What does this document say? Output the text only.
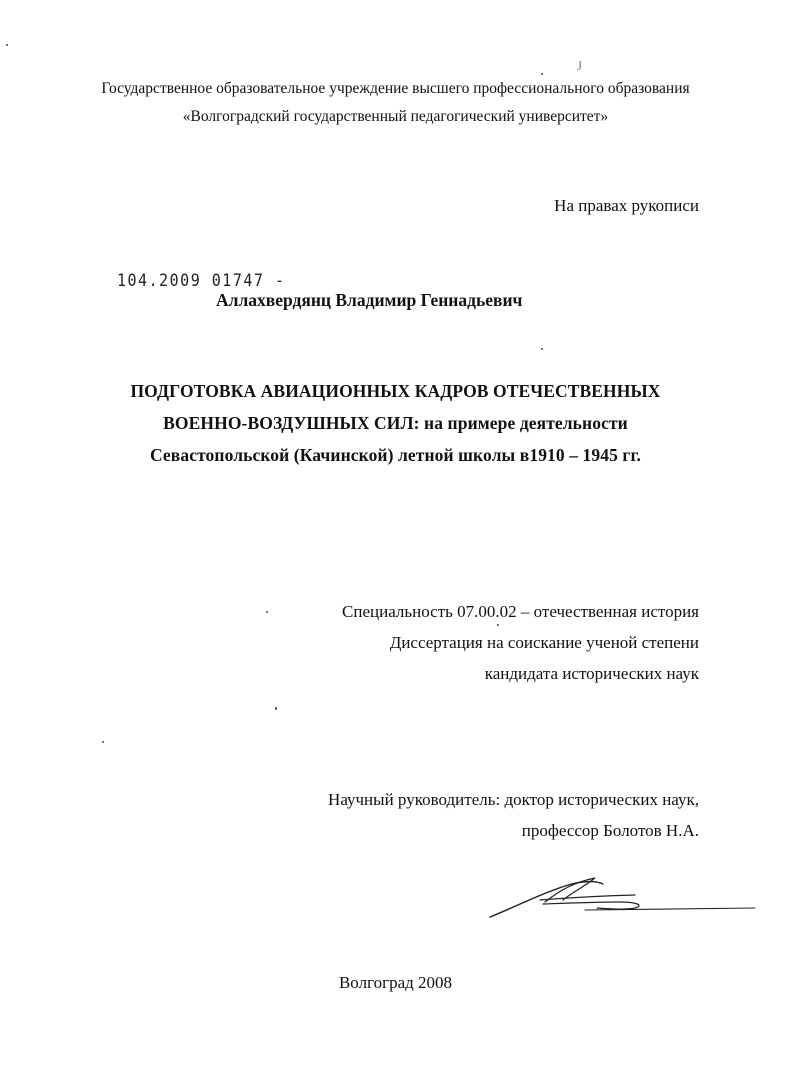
J

Государственное образовательное учреждение высшего профессионального образования

«Волгоградский государственный педагогический университет»

На правах рукописи

104.2009 01747 -

Аллахвердянц Владимир Геннадьевич

ПОДГОТОВКА АВИАЦИОННЫХ КАДРОВ ОТЕЧЕСТВЕННЫХ

ВОЕННО-ВОЗДУШНЫХ СИЛ: на примере деятельности

Севастопольской (Качинской) летной школы в1910 – 1945 гг.

Специальность 07.00.02 – отечественная история

Диссертация на соискание ученой степени

кандидата исторических наук

Научный руководитель: доктор исторических наук,

профессор Болотов Н.А.

Волгоград 2008
